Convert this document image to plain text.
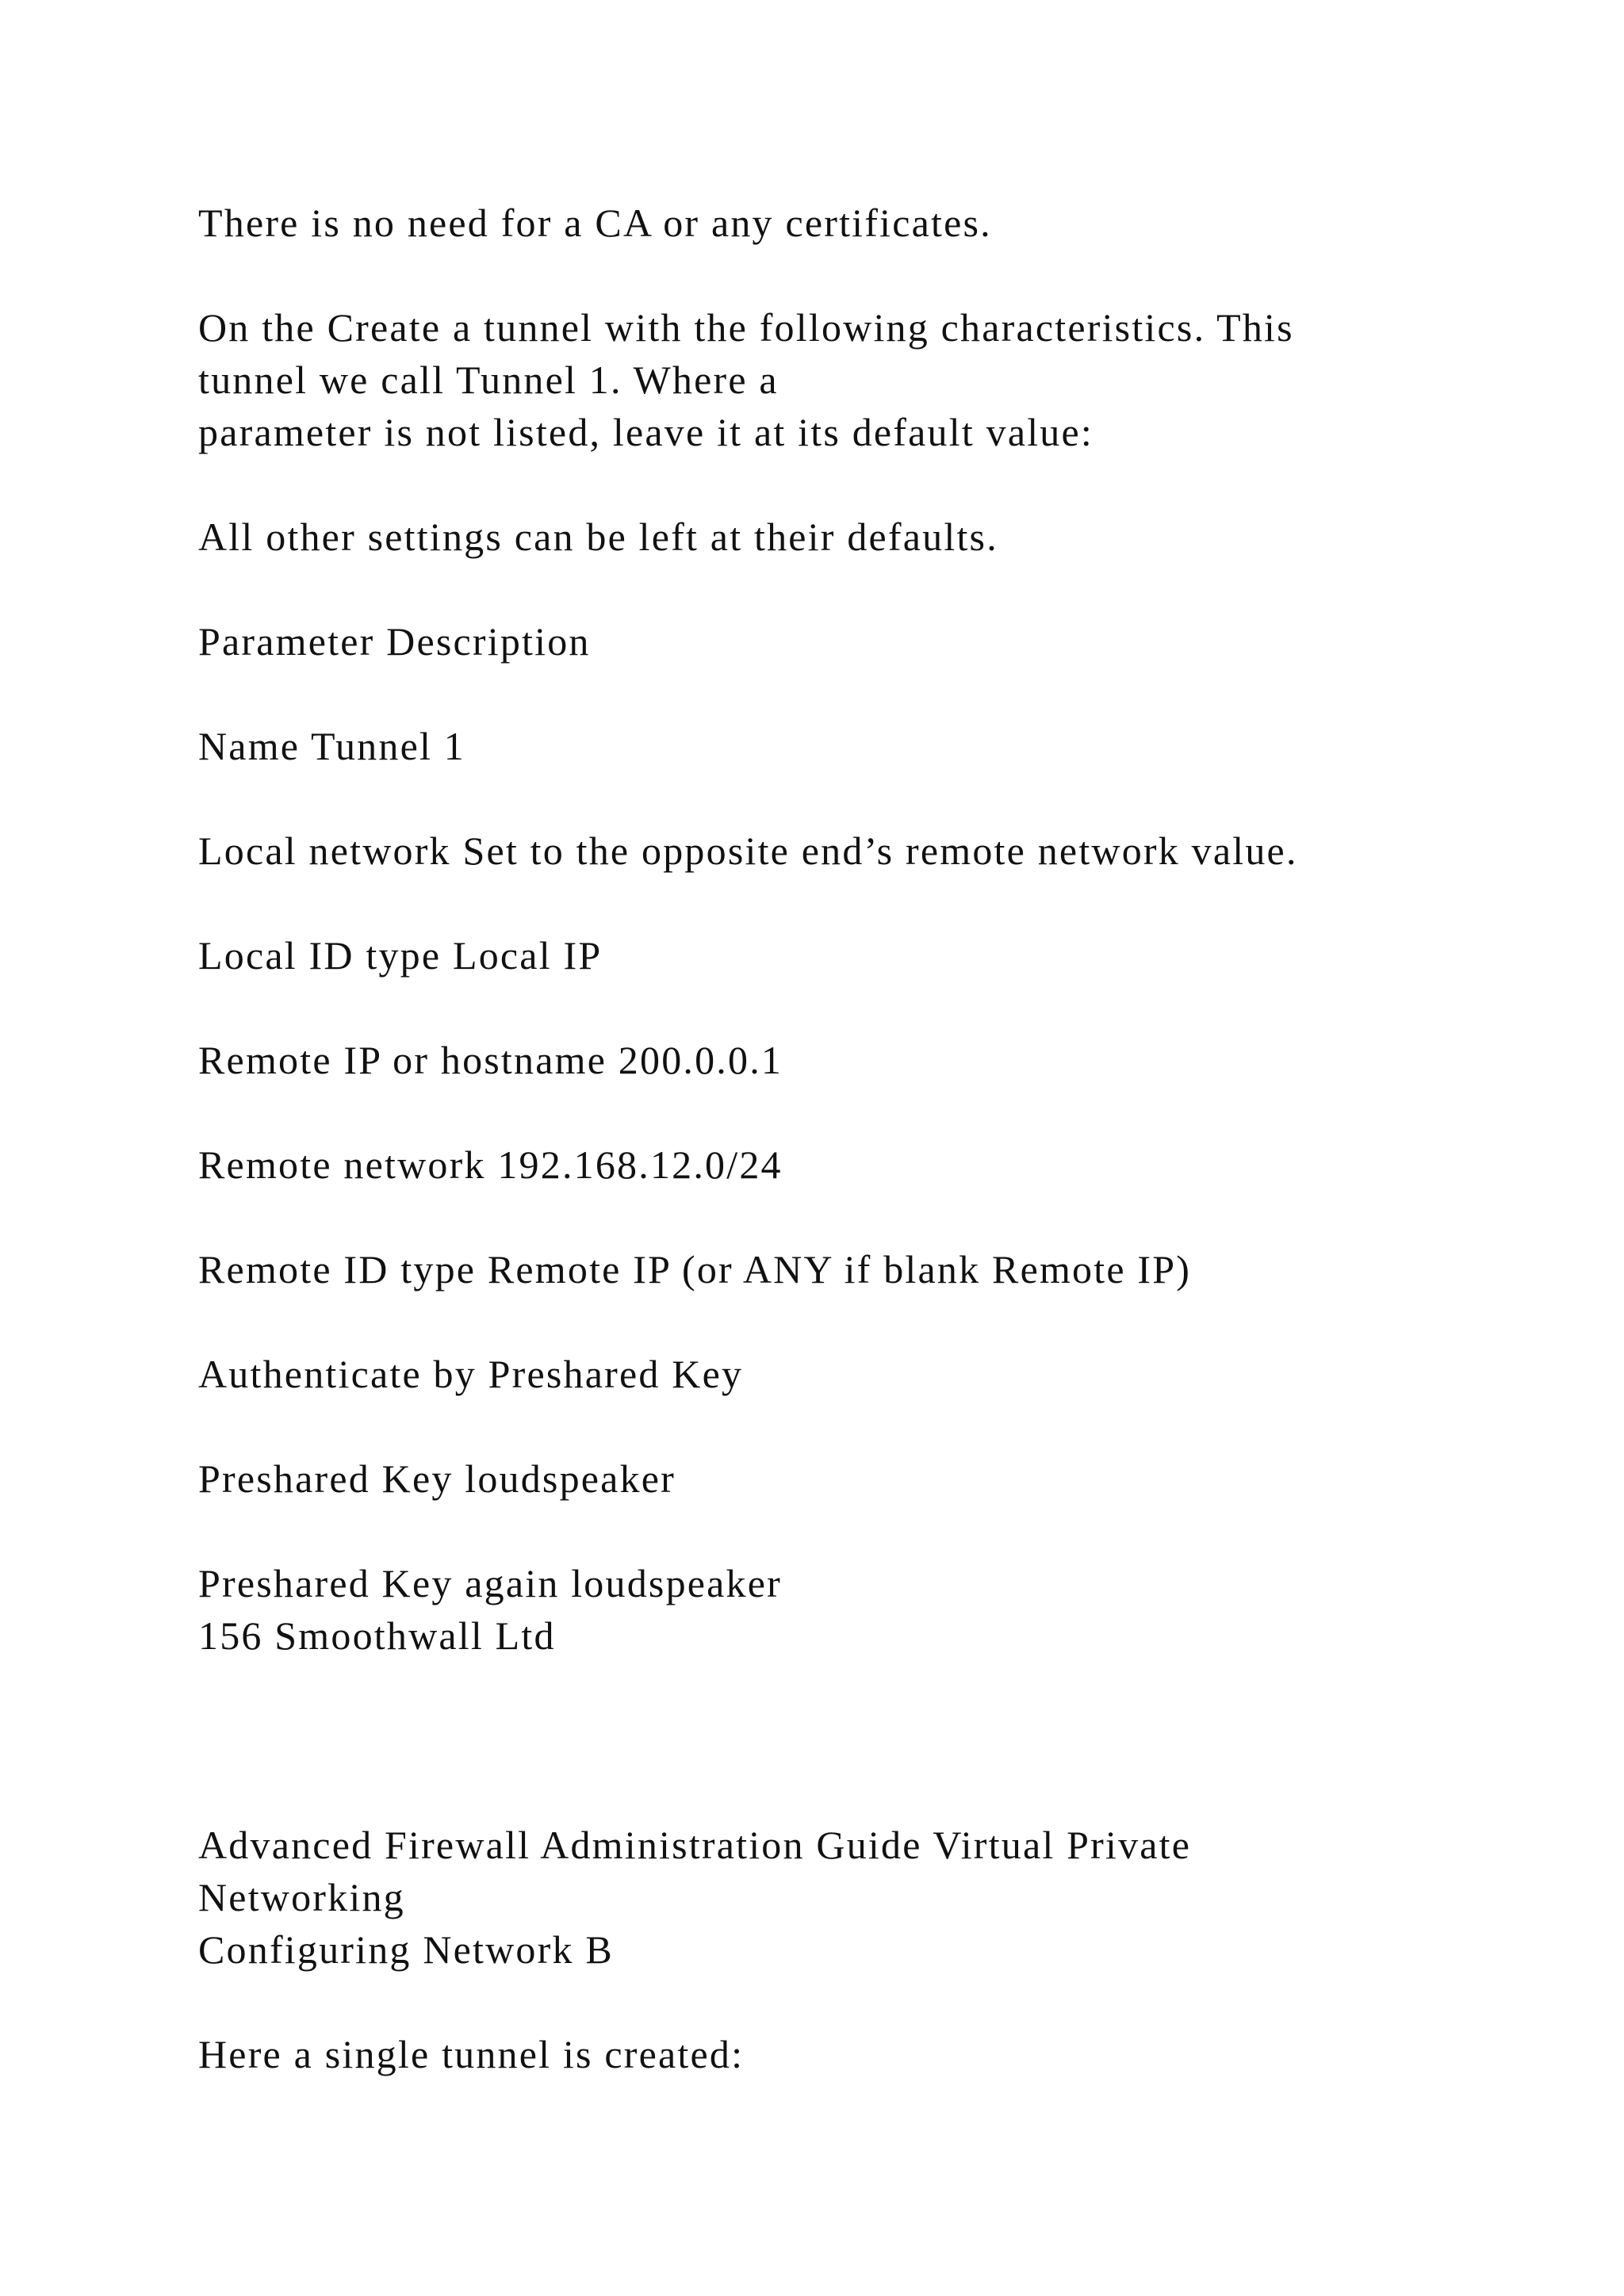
There is no need for a CA or any certificates.

On the Create a tunnel with the following characteristics. This

tunnel we call Tunnel 1. Where a

parameter is not listed, leave it at its default value:

All other settings can be left at their defaults.

Parameter Description

Name Tunnel 1

Local network Set to the opposite end’s remote network value.

Local ID type Local IP

Remote IP or hostname 200.0.0.1

Remote network 192.168.12.0/24

Remote ID type Remote IP (or ANY if blank Remote IP)

Authenticate by Preshared Key

Preshared Key loudspeaker

Preshared Key again loudspeaker

156 Smoothwall Ltd

Advanced Firewall Administration Guide Virtual Private

Networking

Configuring Network B

Here a single tunnel is created:
